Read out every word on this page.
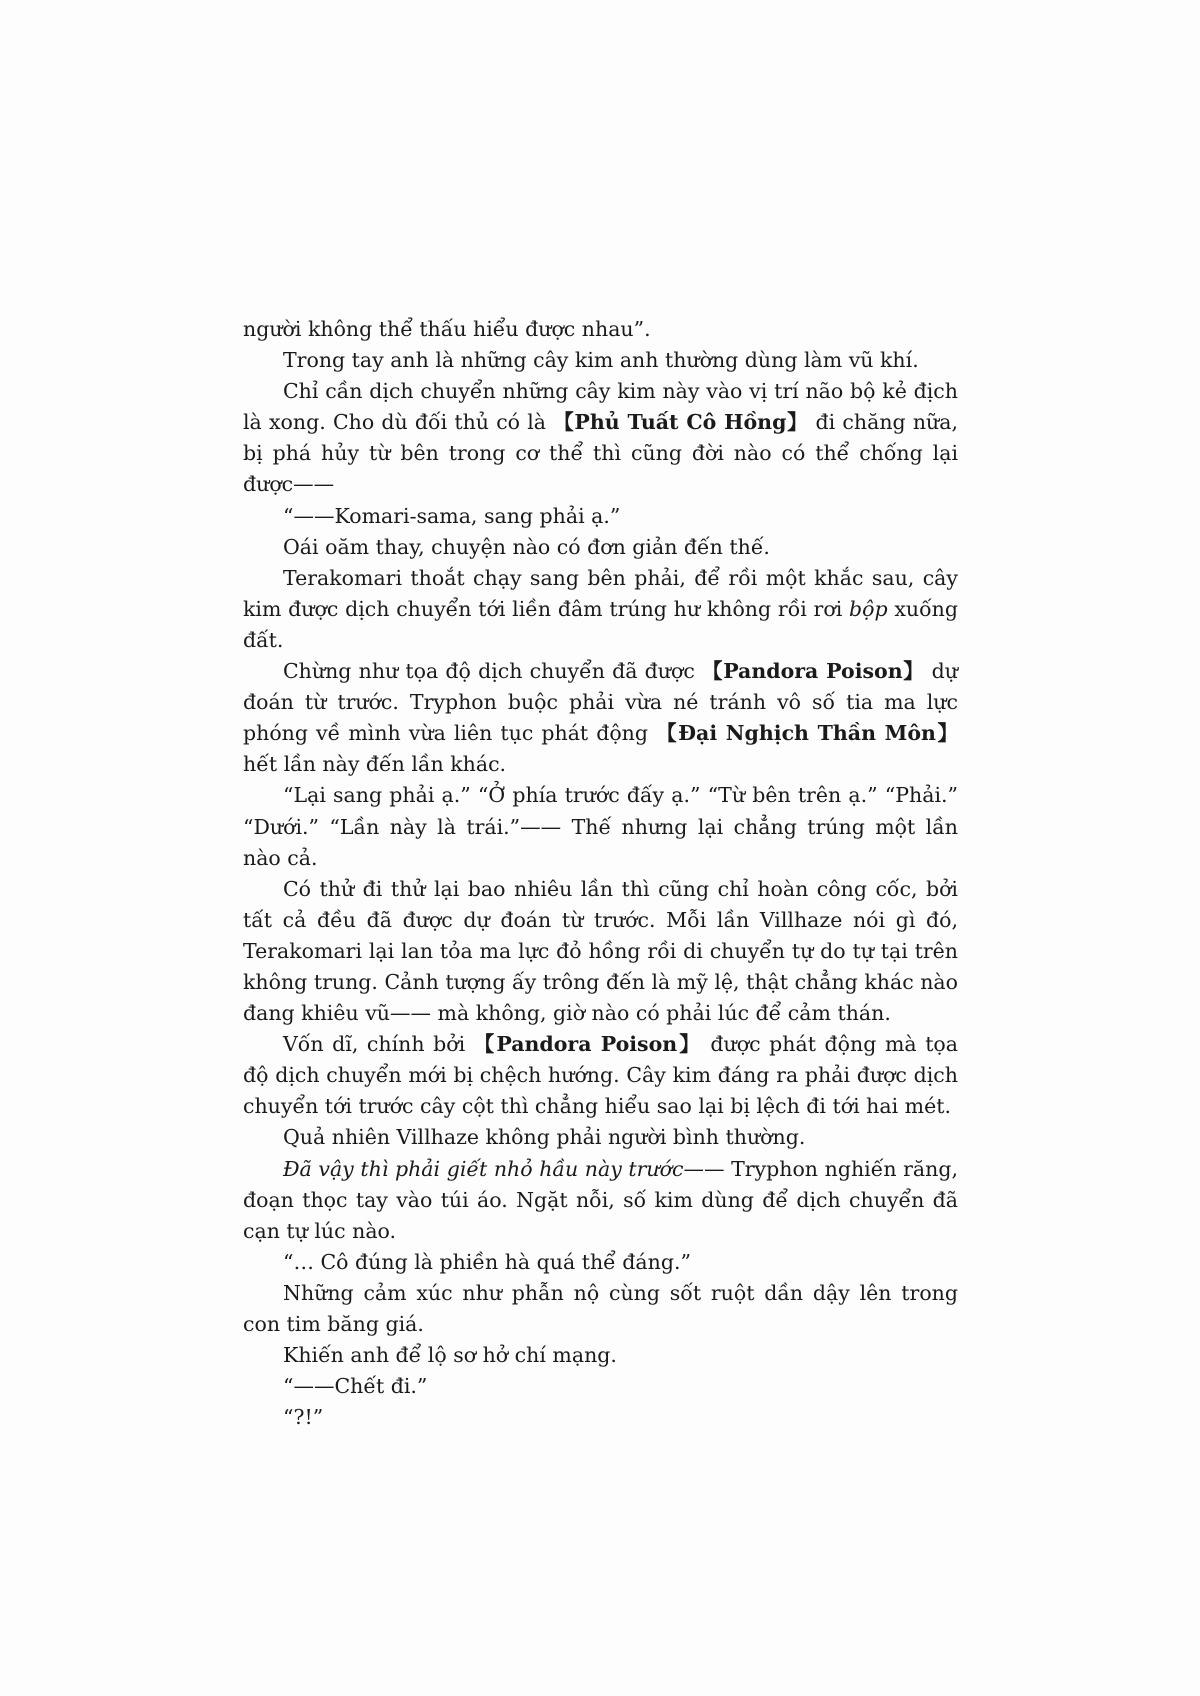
người không thể thấu hiểu được nhau”.

Trong tay anh là những cây kim anh thường dùng làm vũ khí.

Chỉ cần dịch chuyển những cây kim này vào vị trí não bộ kẻ địch là xong. Cho dù đối thủ có là 【Phủ Tuất Cô Hồng】 đi chăng nữa, bị phá hủy từ bên trong cơ thể thì cũng đời nào có thể chống lại được——

“——Komari-sama, sang phải ạ.”

Oái oăm thay, chuyện nào có đơn giản đến thế.

Terakomari thoắt chạy sang bên phải, để rồi một khắc sau, cây kim được dịch chuyển tới liền đâm trúng hư không rồi rơi bộp xuống đất.

Chừng như tọa độ dịch chuyển đã được 【Pandora Poison】 dự đoán từ trước. Tryphon buộc phải vừa né tránh vô số tia ma lực phóng về mình vừa liên tục phát động 【Đại Nghịch Thần Môn】 hết lần này đến lần khác.

“Lại sang phải ạ.” “Ở phía trước đấy ạ.” “Từ bên trên ạ.” “Phải.” “Dưới.” “Lần này là trái.”—— Thế nhưng lại chẳng trúng một lần nào cả.

Có thử đi thử lại bao nhiêu lần thì cũng chỉ hoàn công cốc, bởi tất cả đều đã được dự đoán từ trước. Mỗi lần Villhaze nói gì đó, Terakomari lại lan tỏa ma lực đỏ hồng rồi di chuyển tự do tự tại trên không trung. Cảnh tượng ấy trông đến là mỹ lệ, thật chẳng khác nào đang khiêu vũ—— mà không, giờ nào có phải lúc để cảm thán.

Vốn dĩ, chính bởi 【Pandora Poison】 được phát động mà tọa độ dịch chuyển mới bị chệch hướng. Cây kim đáng ra phải được dịch chuyển tới trước cây cột thì chẳng hiểu sao lại bị lệch đi tới hai mét.

Quả nhiên Villhaze không phải người bình thường.

Đã vậy thì phải giết nhỏ hầu này trước—— Tryphon nghiến răng, đoạn thọc tay vào túi áo. Ngặt nỗi, số kim dùng để dịch chuyển đã cạn tự lúc nào.

“… Cô đúng là phiền hà quá thể đáng.”

Những cảm xúc như phẫn nộ cùng sốt ruột dần dậy lên trong con tim băng giá.

Khiến anh để lộ sơ hở chí mạng.

“——Chết đi.”

“?!”
